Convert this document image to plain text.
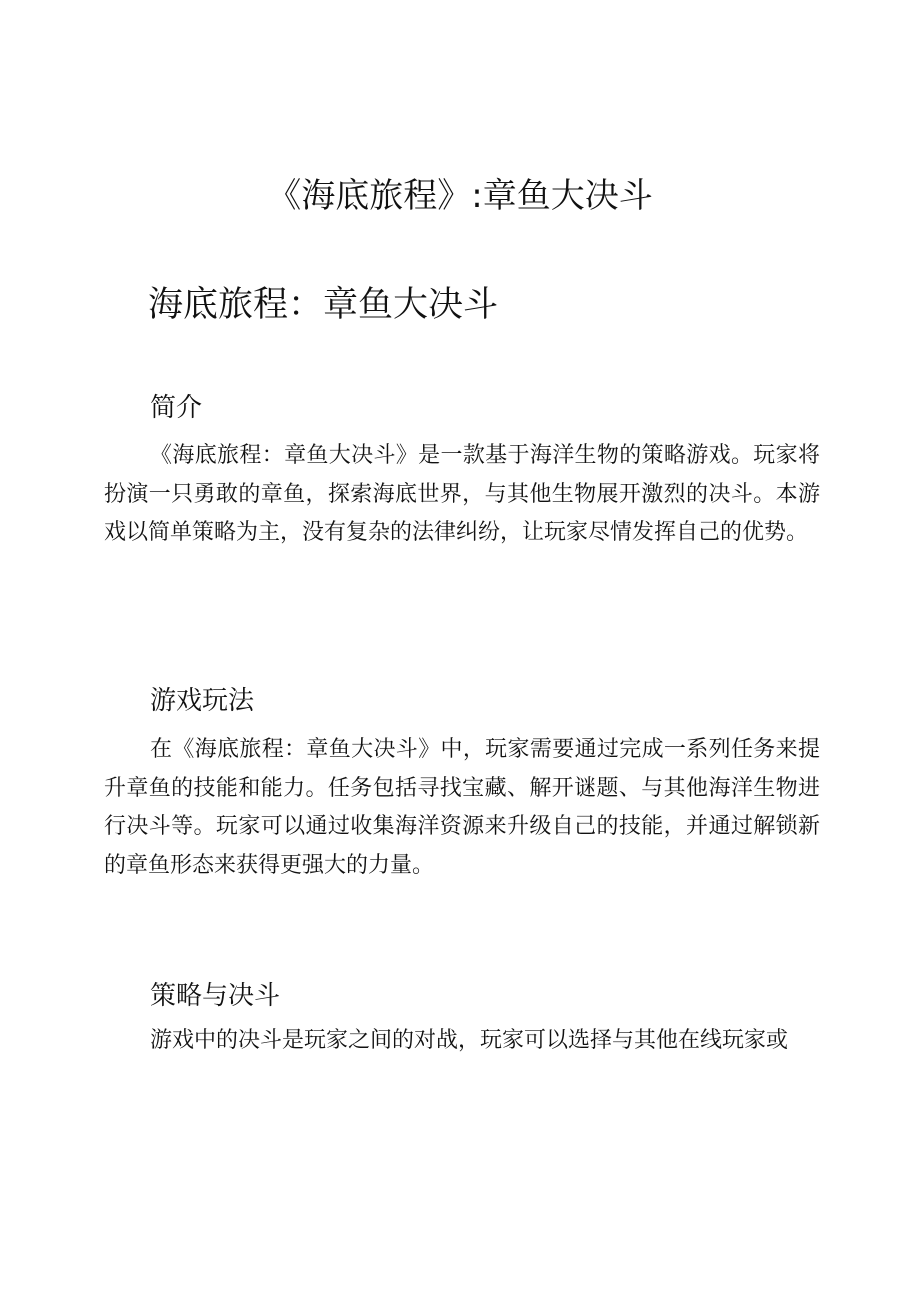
《海底旅程》:章鱼大决斗
海底旅程：章鱼大决斗
简介

《海底旅程：章鱼大决斗》是一款基于海洋生物的策略游戏。玩家将扮演一只勇敢的章鱼，探索海底世界，与其他生物展开激烈的决斗。本游戏以简单策略为主，没有复杂的法律纠纷，让玩家尽情发挥自己的优势。

游戏玩法

在《海底旅程：章鱼大决斗》中，玩家需要通过完成一系列任务来提升章鱼的技能和能力。任务包括寻找宝藏、解开谜题、与其他海洋生物进行决斗等。玩家可以通过收集海洋资源来升级自己的技能，并通过解锁新的章鱼形态来获得更强大的力量。

策略与决斗

游戏中的决斗是玩家之间的对战，玩家可以选择与其他在线玩家或
